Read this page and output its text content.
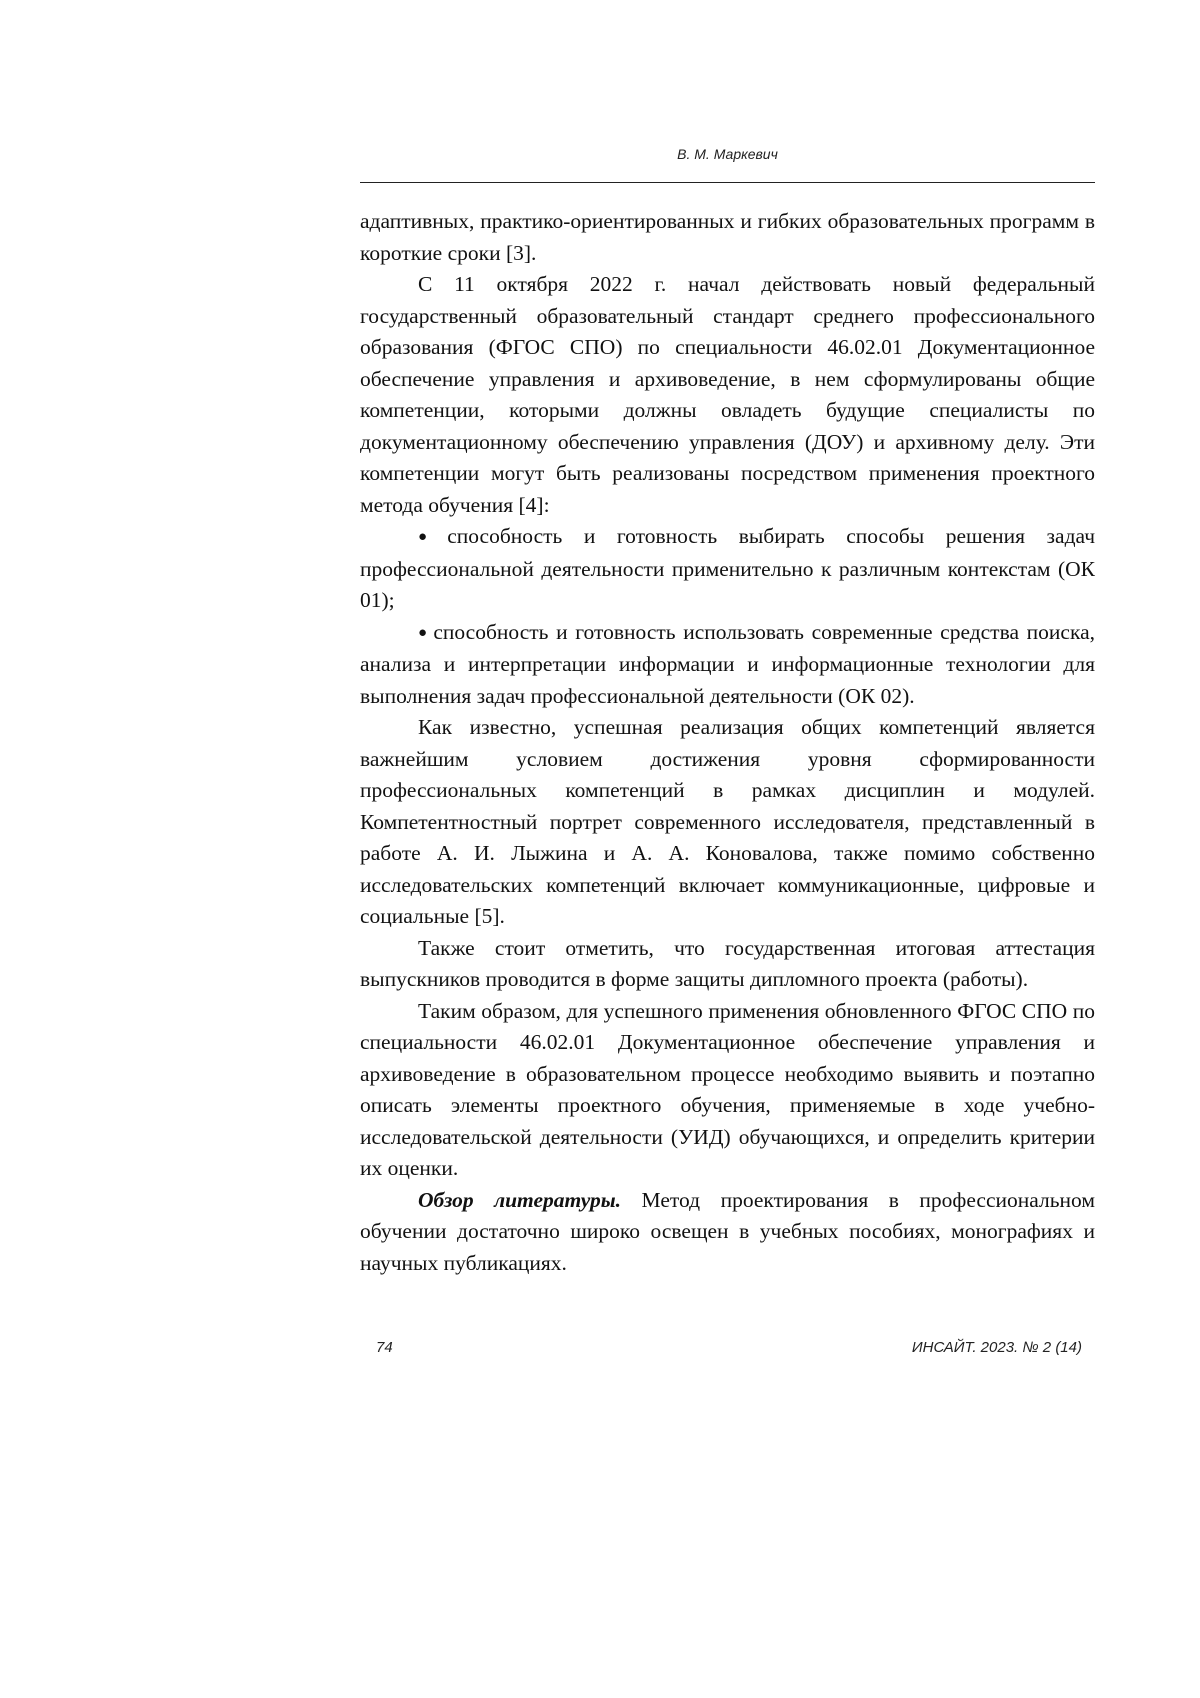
В. М. Маркевич

адаптивных, практико-ориентированных и гибких образовательных программ в короткие сроки [3].

С 11 октября 2022 г. начал действовать новый федеральный государственный образовательный стандарт среднего профессионального образования (ФГОС СПО) по специальности 46.02.01 Документационное обеспечение управления и архивоведение, в нем сформулированы общие компетенции, которыми должны овладеть будущие специалисты по документационному обеспечению управления (ДОУ) и архивному делу. Эти компетенции могут быть реализованы посредством применения проектного метода обучения [4]:

● способность и готовность выбирать способы решения задач профессиональной деятельности применительно к различным контекстам (ОК 01);

● способность и готовность использовать современные средства поиска, анализа и интерпретации информации и информационные технологии для выполнения задач профессиональной деятельности (ОК 02).

Как известно, успешная реализация общих компетенций является важнейшим условием достижения уровня сформированности профессиональных компетенций в рамках дисциплин и модулей. Компетентностный портрет современного исследователя, представленный в работе А. И. Лыжина и А. А. Коновалова, также помимо собственно исследовательских компетенций включает коммуникационные, цифровые и социальные [5].

Также стоит отметить, что государственная итоговая аттестация выпускников проводится в форме защиты дипломного проекта (работы).

Таким образом, для успешного применения обновленного ФГОС СПО по специальности 46.02.01 Документационное обеспечение управления и архивоведение в образовательном процессе необходимо выявить и поэтапно описать элементы проектного обучения, применяемые в ходе учебно-исследовательской деятельности (УИД) обучающихся, и определить критерии их оценки.

Обзор литературы. Метод проектирования в профессиональном обучении достаточно широко освещен в учебных пособиях, монографиях и научных публикациях.

74	ИНСАЙТ. 2023. № 2 (14)
